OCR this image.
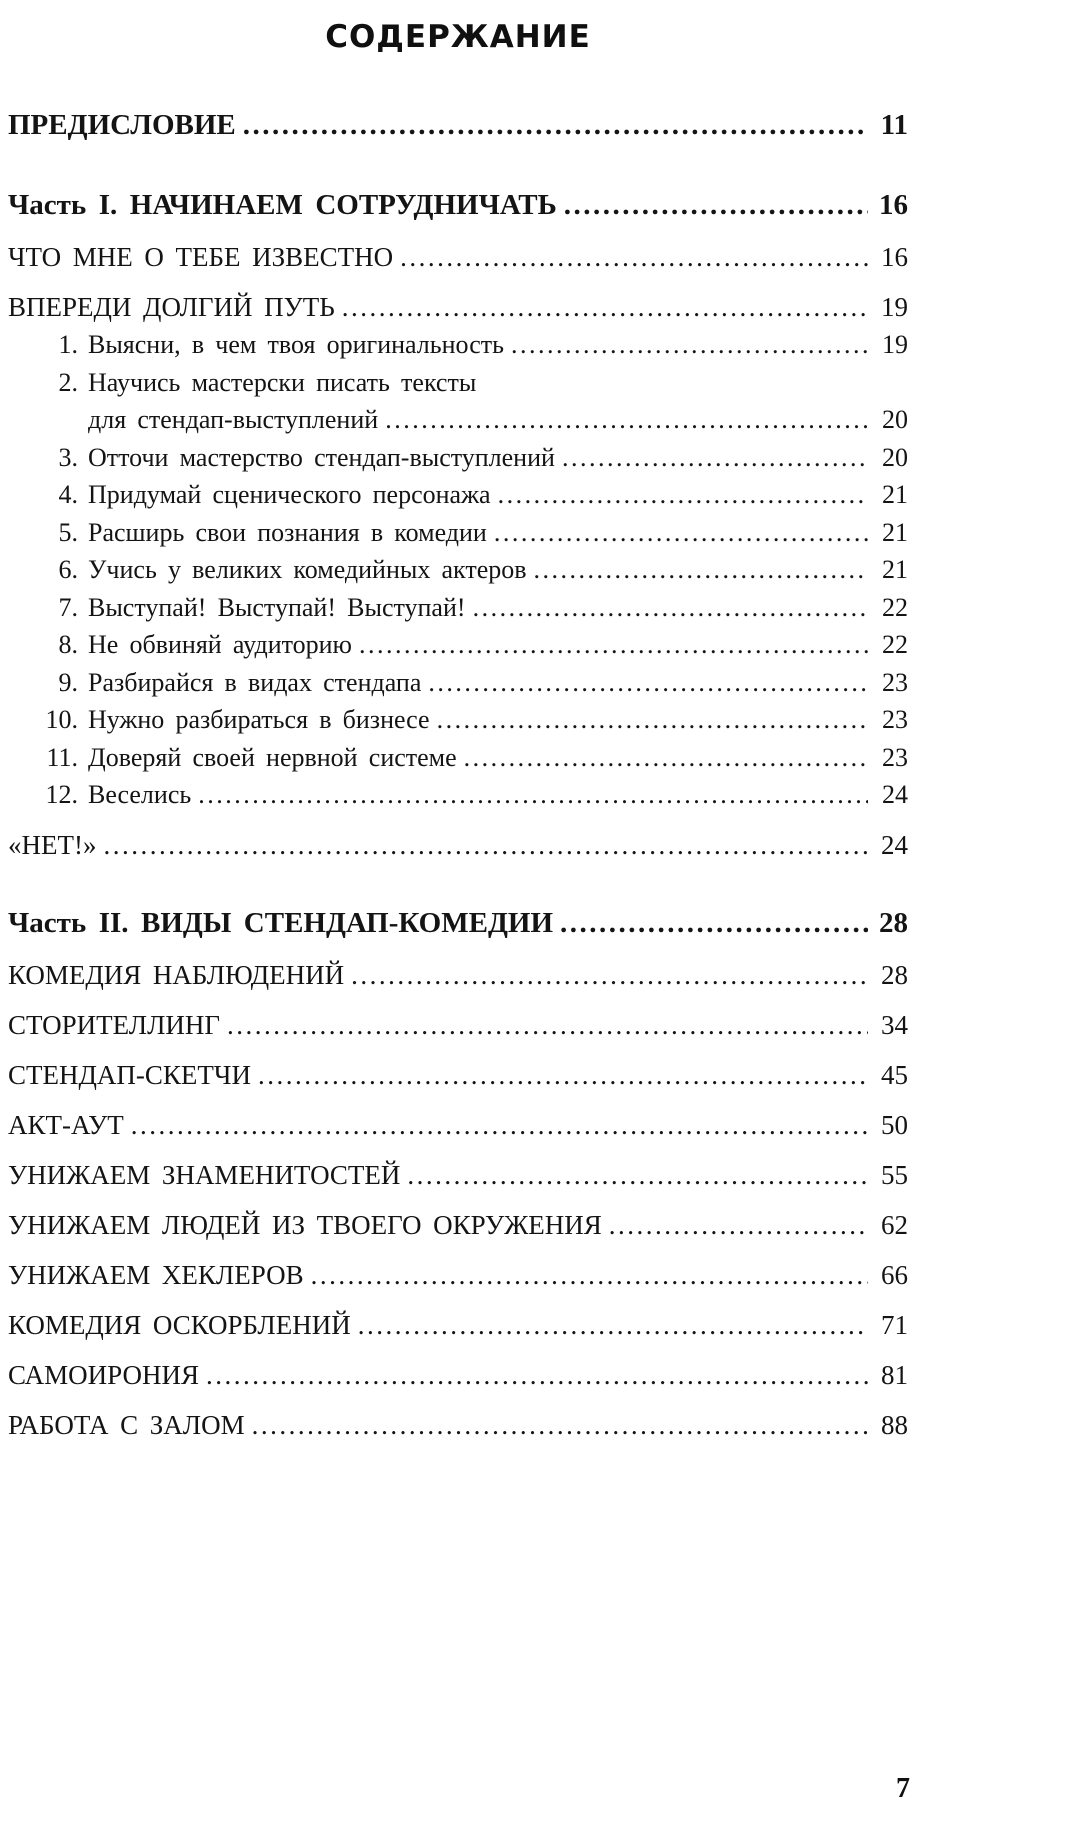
СОДЕРЖАНИЕ
ПРЕДИСЛОВИЕ .....	11
Часть I. НАЧИНАЕМ СОТРУДНИЧАТЬ .....	16
ЧТО МНЕ О ТЕБЕ ИЗВЕСТНО .....	16
ВПЕРЕДИ ДОЛГИЙ ПУТЬ .....	19
1. Выясни, в чем твоя оригинальность .....	19
2. Научись мастерски писать тексты
для стендап-выступлений .....	20
3. Отточи мастерство стендап-выступлений .....	20
4. Придумай сценического персонажа .....	21
5. Расширь свои познания в комедии .....	21
6. Учись у великих комедийных актеров .....	21
7. Выступай! Выступай! Выступай! .....	22
8. Не обвиняй аудиторию .....	22
9. Разбирайся в видах стендапа .....	23
10. Нужно разбираться в бизнесе .....	23
11. Доверяй своей нервной системе .....	23
12. Веселись .....	24
«НЕТ!» .....	24
Часть II. ВИДЫ СТЕНДАП-КОМЕДИИ .....	28
КОМЕДИЯ НАБЛЮДЕНИЙ .....	28
СТОРИТЕЛЛИНГ .....	34
СТЕНДАП-СКЕТЧИ .....	45
АКТ-АУТ .....	50
УНИЖАЕМ ЗНАМЕНИТОСТЕЙ .....	55
УНИЖАЕМ ЛЮДЕЙ ИЗ ТВОЕГО ОКРУЖЕНИЯ .....	62
УНИЖАЕМ ХЕКЛЕРОВ .....	66
КОМЕДИЯ ОСКОРБЛЕНИЙ .....	71
САМОИРОНИЯ .....	81
РАБОТА С ЗАЛОМ .....	88
7
